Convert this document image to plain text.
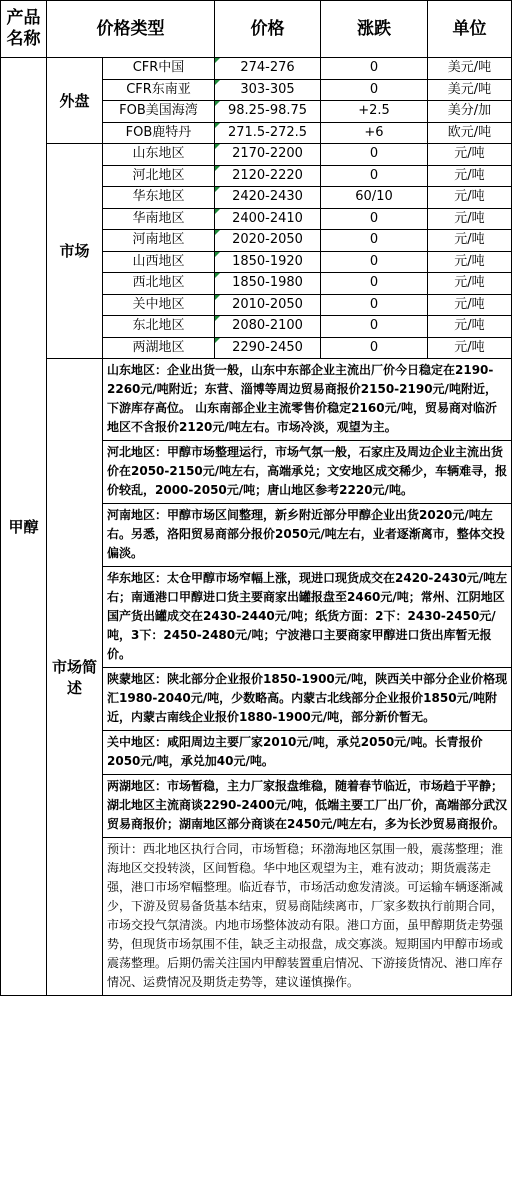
产品名称	价格类型		价格	涨跌	单位
甲醇	外盘	CFR中国	274-276	0	美元/吨
		CFR东南亚	303-305	0	美元/吨
		FOB美国海湾	98.25-98.75	+2.5	美分/加
		FOB鹿特丹	271.5-272.5	+6	欧元/吨
	市场	山东地区	2170-2200	0	元/吨
		河北地区	2120-2220	0	元/吨
		华东地区	2420-2430	60/10	元/吨
		华南地区	2400-2410	0	元/吨
		河南地区	2020-2050	0	元/吨
		山西地区	1850-1920	0	元/吨
		西北地区	1850-1980	0	元/吨
		关中地区	2010-2050	0	元/吨
		东北地区	2080-2100	0	元/吨
		两湖地区	2290-2450	0	元/吨
	市场简述	山东地区：企业出货一般，山东中东部企业主流出厂价今日稳定在2190-2260元/吨附近；东营、淄博等周边贸易商报价2150-2190元/吨附近，下游库存高位。 山东南部企业主流零售价稳定2160元/吨，贸易商对临沂地区不含报价2120元/吨左右。市场冷淡，观望为主。			
		河北地区：甲醇市场整理运行，市场气氛一般，石家庄及周边企业主流出货价在2050-2150元/吨左右，高端承兑；文安地区成交稀少，车辆难寻，报价较乱，2000-2050元/吨；唐山地区参考2220元/吨。			
		河南地区：甲醇市场区间整理，新乡附近部分甲醇企业出货2020元/吨左右。另悉，洛阳贸易商部分报价2050元/吨左右，业者逐渐离市，整体交投偏淡。			
		华东地区：太仓甲醇市场窄幅上涨，现进口现货成交在2420-2430元/吨左右；南通港口甲醇进口货主要商家出罐报盘至2460元/吨；常州、江阴地区国产货出罐成交在2430-2440元/吨；纸货方面：2下：2430-2450元/吨，3下：2450-2480元/吨；宁波港口主要商家甲醇进口货出库暂无报价。			
		陕蒙地区：陕北部分企业报价1850-1900元/吨，陕西关中部分企业价格现汇1980-2040元/吨，少数略高。内蒙古北线部分企业报价1850元/吨附近，内蒙古南线企业报价1880-1900元/吨，部分新价暂无。			
		关中地区：咸阳周边主要厂家2010元/吨，承兑2050元/吨。长青报价2050元/吨，承兑加40元/吨。			
		两湖地区：市场暂稳，主力厂家报盘维稳，随着春节临近，市场趋于平静；湖北地区主流商谈2290-2400元/吨，低端主要工厂出厂价，高端部分武汉贸易商报价；湖南地区部分商谈在2450元/吨左右，多为长沙贸易商报价。			
		预计：西北地区执行合同，市场暂稳；环渤海地区氛围一般，震荡整理；淮海地区交投转淡，区间暂稳。华中地区观望为主，难有波动；期货震荡走强，港口市场窄幅整理。临近春节，市场活动愈发清淡。可运输车辆逐渐减少，下游及贸易备货基本结束，贸易商陆续离市，厂家多数执行前期合同，市场交投气氛清淡。内地市场整体波动有限。港口方面，虽甲醇期货走势强势，但现货市场氛围不佳，缺乏主动报盘，成交寡淡。短期国内甲醇市场或震荡整理。后期仍需关注国内甲醇装置重启情况、下游接货情况、港口库存情况、运费情况及期货走势等，建议谨慎操作。			
